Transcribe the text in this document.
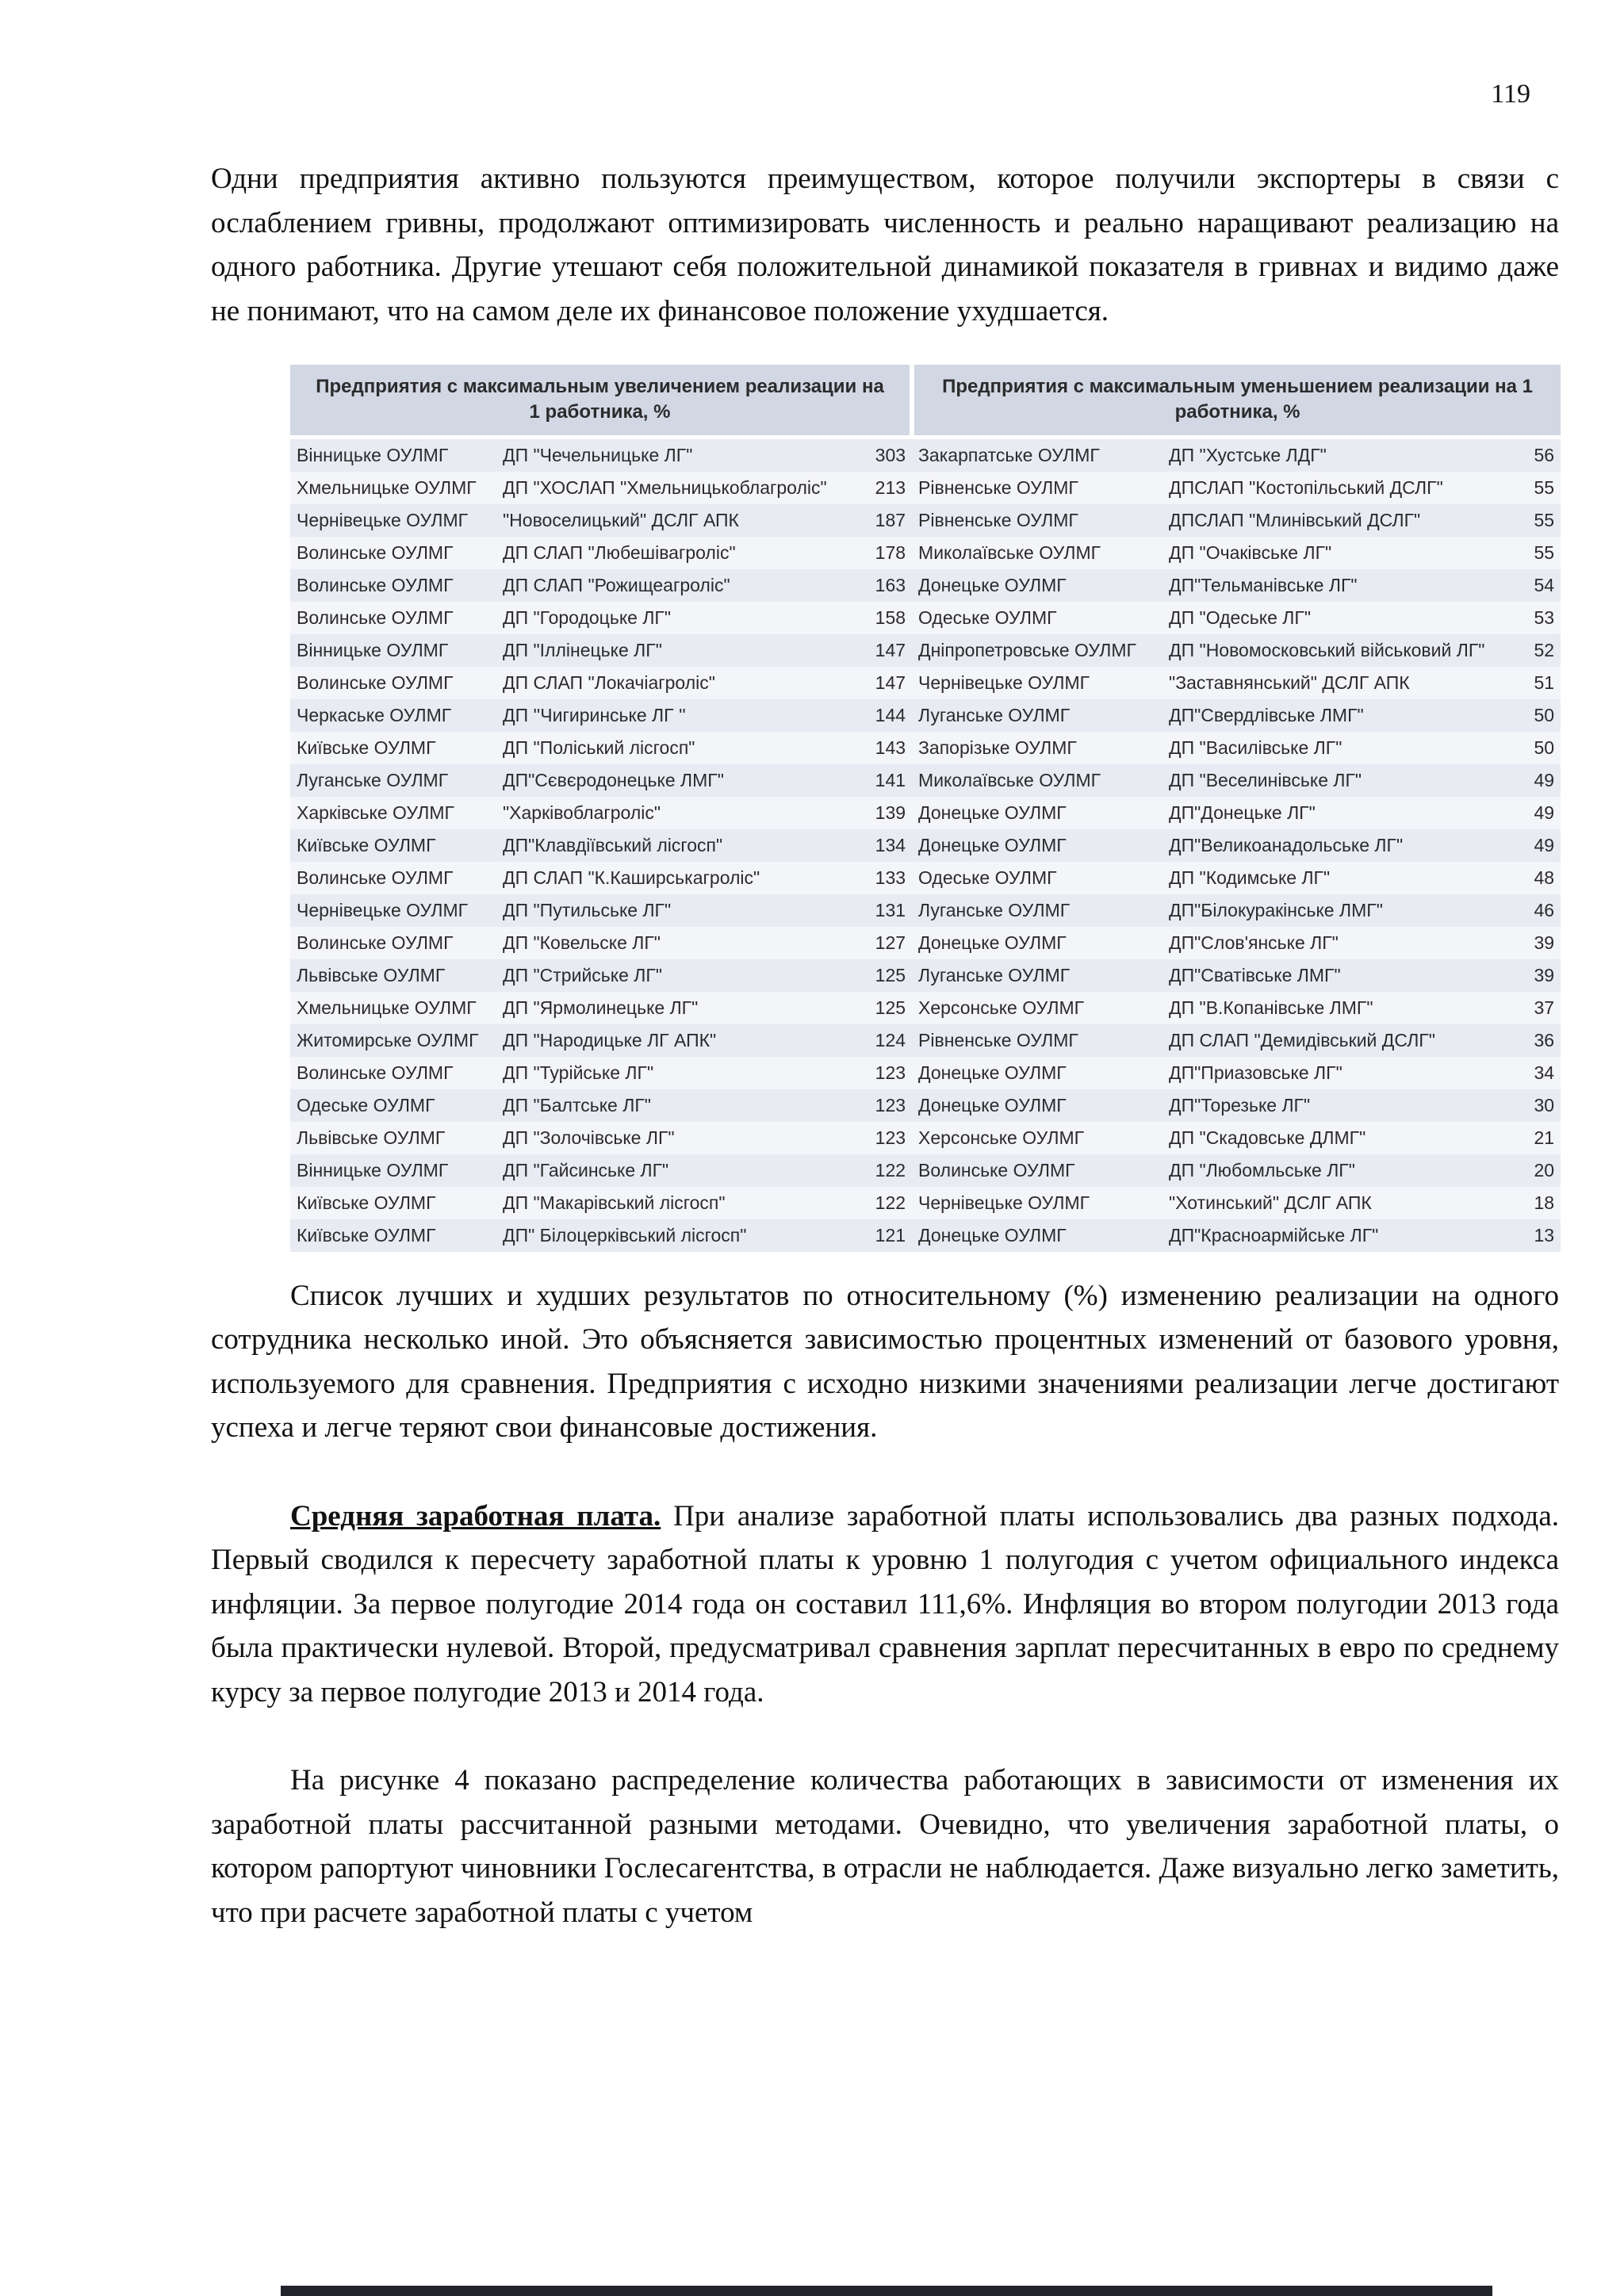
119

Одни предприятия активно пользуются преимуществом, которое получили экспортеры в связи с ослаблением гривны, продолжают оптимизировать численность и реально наращивают реализацию на одного работника. Другие утешают себя положительной динамикой показателя в гривнах и видимо даже не понимают, что на самом деле их финансовое положение ухудшается.

Предприятия с максимальным увеличением реализации на 1 работника, %			Предприятия с максимальным уменьшением реализации на 1 работника, %		
Вінницьке ОУЛМГ	ДП "Чечельницьке ЛГ"	303	Закарпатське ОУЛМГ	ДП "Хустське ЛДГ"	56
Хмельницьке ОУЛМГ	ДП "ХОСЛАП "Хмельницькоблагроліс"	213	Рівненське ОУЛМГ	ДПСЛАП "Костопільський ДСЛГ"	55
Чернівецьке ОУЛМГ	"Новоселицький" ДСЛГ АПК	187	Рівненське ОУЛМГ	ДПСЛАП "Млинівський ДСЛГ"	55
Волинське ОУЛМГ	ДП СЛАП "Любешівагроліс"	178	Миколаївське ОУЛМГ	ДП "Очаківське ЛГ"	55
Волинське ОУЛМГ	ДП СЛАП "Рожищеагроліс"	163	Донецьке ОУЛМГ	ДП"Тельманівське ЛГ"	54
Волинське ОУЛМГ	ДП "Городоцьке ЛГ"	158	Одеське ОУЛМГ	ДП "Одеське ЛГ"	53
Вінницьке ОУЛМГ	ДП "Іллінецьке ЛГ"	147	Дніпропетровське ОУЛМГ	ДП "Новомосковський військовий ЛГ"	52
Волинське ОУЛМГ	ДП СЛАП "Локачіагроліс"	147	Чернівецьке ОУЛМГ	"Заставнянський" ДСЛГ АПК	51
Черкаське ОУЛМГ	ДП ''Чигиринське ЛГ ''	144	Луганське ОУЛМГ	ДП"Свердлівське ЛМГ"	50
Київське ОУЛМГ	ДП "Поліський лісгосп"	143	Запорізьке ОУЛМГ	ДП "Василівське ЛГ"	50
Луганське ОУЛМГ	ДП"Сєвєродонецьке ЛМГ"	141	Миколаївське ОУЛМГ	ДП "Веселинівське ЛГ"	49
Харківське ОУЛМГ	"Харківоблагроліс"	139	Донецьке ОУЛМГ	ДП"Донецьке ЛГ"	49
Київське ОУЛМГ	ДП"Клавдіївський лісгосп"	134	Донецьке ОУЛМГ	ДП"Великоанадольське ЛГ"	49
Волинське ОУЛМГ	ДП СЛАП "К.Каширськагроліс"	133	Одеське ОУЛМГ	ДП "Кодимське ЛГ"	48
Чернівецьке ОУЛМГ	ДП "Путильське ЛГ"	131	Луганське ОУЛМГ	ДП"Білокуракінське ЛМГ"	46
Волинське ОУЛМГ	ДП "Ковельске ЛГ"	127	Донецьке ОУЛМГ	ДП"Слов'янське ЛГ"	39
Львівське ОУЛМГ	ДП "Стрийське ЛГ"	125	Луганське ОУЛМГ	ДП"Сватівське ЛМГ"	39
Хмельницьке ОУЛМГ	ДП "Ярмолинецьке ЛГ"	125	Херсонське ОУЛМГ	ДП "В.Копанівське ЛМГ"	37
Житомирське ОУЛМГ	ДП "Народицьке ЛГ АПК"	124	Рівненське ОУЛМГ	ДП СЛАП "Демидівський ДСЛГ"	36
Волинське ОУЛМГ	ДП "Турійське ЛГ"	123	Донецьке ОУЛМГ	ДП"Приазовське ЛГ"	34
Одеське ОУЛМГ	ДП "Балтське ЛГ"	123	Донецьке ОУЛМГ	ДП"Торезьке ЛГ"	30
Львівське ОУЛМГ	ДП "Золочівське ЛГ"	123	Херсонське ОУЛМГ	ДП "Скадовське ДЛМГ"	21
Вінницьке ОУЛМГ	ДП "Гайсинське ЛГ"	122	Волинське ОУЛМГ	ДП "Любомльське ЛГ"	20
Київське ОУЛМГ	ДП "Макарівський лісгосп"	122	Чернівецьке ОУЛМГ	"Хотинський" ДСЛГ АПК	18
Київське ОУЛМГ	ДП" Білоцерківський лісгосп"	121	Донецьке ОУЛМГ	ДП"Красноармійське ЛГ"	13

Список лучших и худших результатов по относительному (%) изменению реализации на одного сотрудника несколько иной. Это объясняется зависимостью процентных изменений от базового уровня, используемого для сравнения. Предприятия с исходно низкими значениями реализации легче достигают успеха и легче теряют свои финансовые достижения.

Средняя заработная плата. При анализе заработной платы использовались два разных подхода. Первый сводился к пересчету заработной платы к уровню 1 полугодия с учетом официального индекса инфляции. За первое полугодие 2014 года он составил 111,6%. Инфляция во втором полугодии 2013 года была практически нулевой. Второй, предусматривал сравнения зарплат пересчитанных в евро по среднему курсу за первое полугодие 2013 и 2014 года.

На рисунке 4 показано распределение количества работающих в зависимости от изменения их заработной платы рассчитанной разными методами. Очевидно, что увеличения заработной платы, о котором рапортуют чиновники Гослесагентства, в отрасли не наблюдается. Даже визуально легко заметить, что при расчете заработной платы с учетом
